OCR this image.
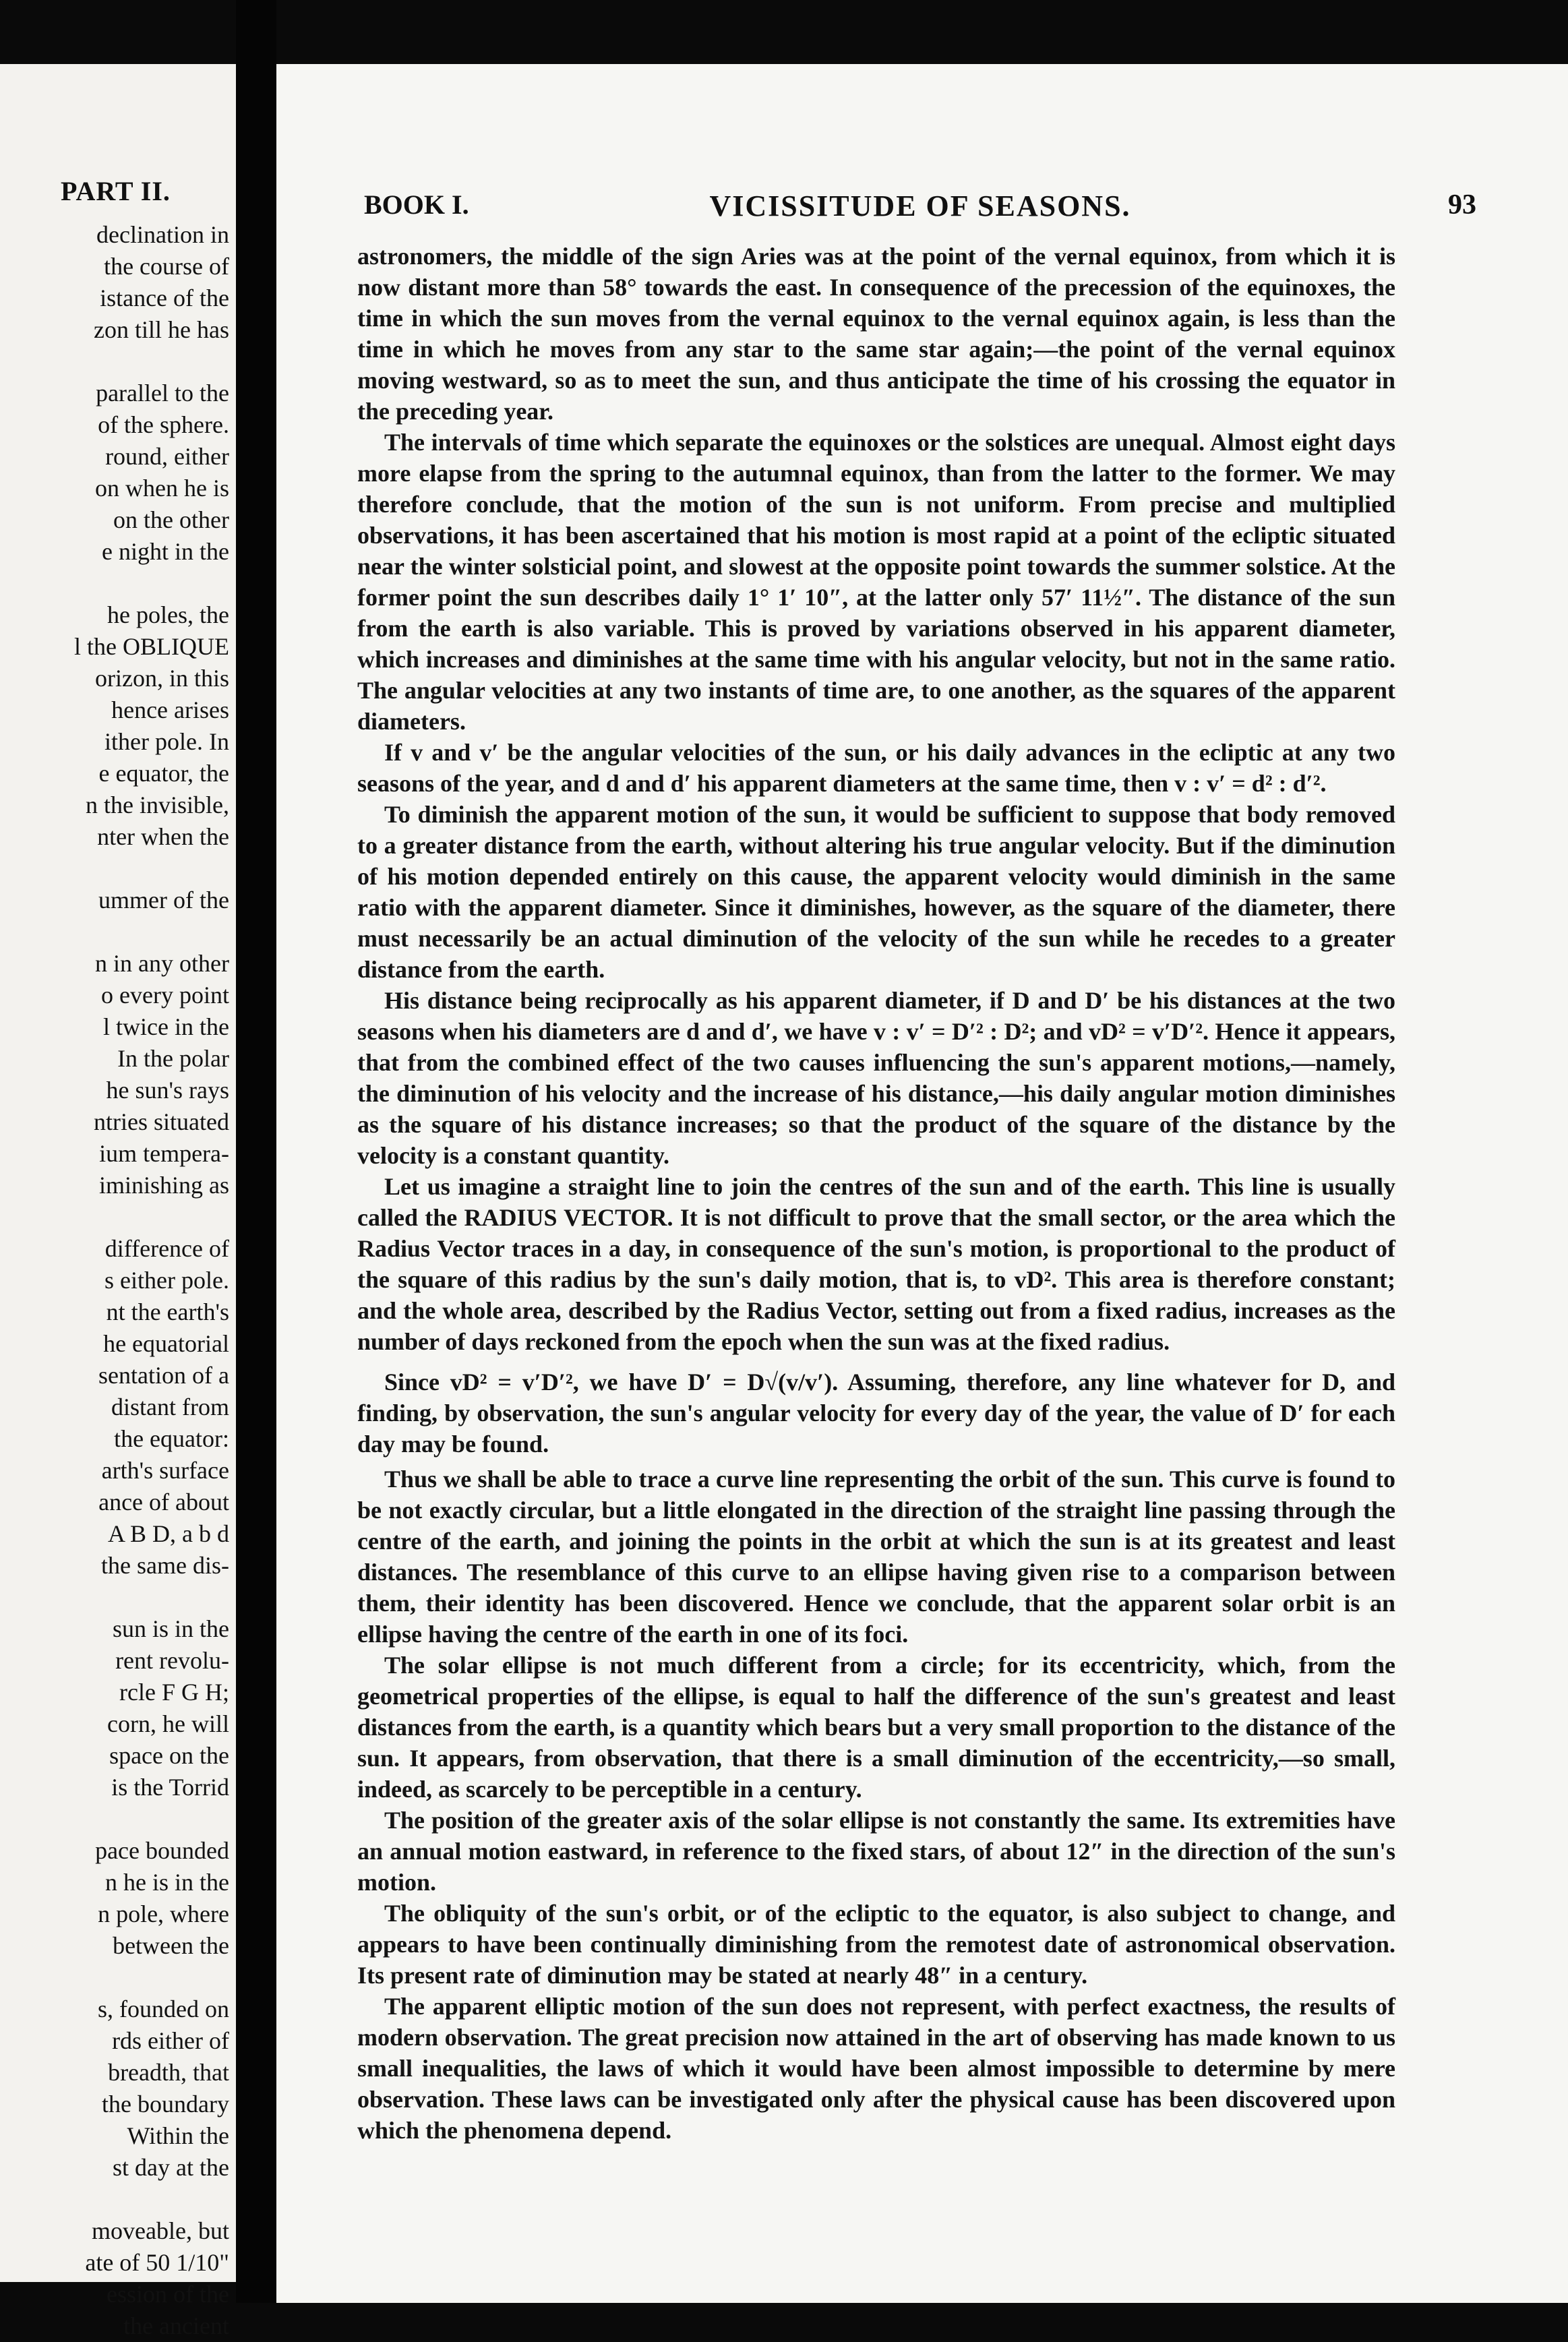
PART II.
declination in
the course of
istance of the
zon till he has
parallel to the
of the sphere.
round, either
on when he is
on the other
e night in the
he poles, the
l the OBLIQUE
orizon, in this
hence arises
ither pole. In
e equator, the
n the invisible,
nter when the
ummer of the
n in any other
o every point
l twice in the
In the polar
he sun's rays
ntries situated
ium tempera-
iminishing as
difference of
s either pole.
nt the earth's
he equatorial
sentation of a
distant from
the equator:
arth's surface
ance of about
A B D, a b d
the same dis-
sun is in the
rent revolu-
rcle F G H;
corn, he will
space on the
is the Torrid
pace bounded
n he is in the
n pole, where
between the
s, founded on
rds either of
breadth, that
the boundary
Within the
st day at the
moveable, but
ate of 50 1/10"
ession of the
the ancient
BOOK I.	VICISSITUDE OF SEASONS.	93

astronomers, the middle of the sign Aries was at the point of the vernal equinox, from which it is now distant more than 58° towards the east. In consequence of the precession of the equinoxes, the time in which the sun moves from the vernal equinox to the vernal equinox again, is less than the time in which he moves from any star to the same star again;—the point of the vernal equinox moving westward, so as to meet the sun, and thus anticipate the time of his crossing the equator in the preceding year.

The intervals of time which separate the equinoxes or the solstices are unequal. Almost eight days more elapse from the spring to the autumnal equinox, than from the latter to the former. We may therefore conclude, that the motion of the sun is not uniform. From precise and multiplied observations, it has been ascertained that his motion is most rapid at a point of the ecliptic situated near the winter solsticial point, and slowest at the opposite point towards the summer solstice. At the former point the sun describes daily 1° 1′ 10″, at the latter only 57′ 11½″. The distance of the sun from the earth is also variable. This is proved by variations observed in his apparent diameter, which increases and diminishes at the same time with his angular velocity, but not in the same ratio. The angular velocities at any two instants of time are, to one another, as the squares of the apparent diameters.

If v and v′ be the angular velocities of the sun, or his daily advances in the ecliptic at any two seasons of the year, and d and d′ his apparent diameters at the same time, then v : v′ = d² : d′².

To diminish the apparent motion of the sun, it would be sufficient to suppose that body removed to a greater distance from the earth, without altering his true angular velocity. But if the diminution of his motion depended entirely on this cause, the apparent velocity would diminish in the same ratio with the apparent diameter. Since it diminishes, however, as the square of the diameter, there must necessarily be an actual diminution of the velocity of the sun while he recedes to a greater distance from the earth.

His distance being reciprocally as his apparent diameter, if D and D′ be his distances at the two seasons when his diameters are d and d′, we have v : v′ = D′² : D²; and vD² = v′D′². Hence it appears, that from the combined effect of the two causes influencing the sun's apparent motions,—namely, the diminution of his velocity and the increase of his distance,—his daily angular motion diminishes as the square of his distance increases; so that the product of the square of the distance by the velocity is a constant quantity.

Let us imagine a straight line to join the centres of the sun and of the earth. This line is usually called the RADIUS VECTOR. It is not difficult to prove that the small sector, or the area which the Radius Vector traces in a day, in consequence of the sun's motion, is proportional to the product of the square of this radius by the sun's daily motion, that is, to vD². This area is therefore constant; and the whole area, described by the Radius Vector, setting out from a fixed radius, increases as the number of days reckoned from the epoch when the sun was at the fixed radius.

Since vD² = v′D′², we have D′ = D√(v/v′). Assuming, therefore, any line whatever for D, and finding, by observation, the sun's angular velocity for every day of the year, the value of D′ for each day may be found.

Thus we shall be able to trace a curve line representing the orbit of the sun. This curve is found to be not exactly circular, but a little elongated in the direction of the straight line passing through the centre of the earth, and joining the points in the orbit at which the sun is at its greatest and least distances. The resemblance of this curve to an ellipse having given rise to a comparison between them, their identity has been discovered. Hence we conclude, that the apparent solar orbit is an ellipse having the centre of the earth in one of its foci.

The solar ellipse is not much different from a circle; for its eccentricity, which, from the geometrical properties of the ellipse, is equal to half the difference of the sun's greatest and least distances from the earth, is a quantity which bears but a very small proportion to the distance of the sun. It appears, from observation, that there is a small diminution of the eccentricity,—so small, indeed, as scarcely to be perceptible in a century.

The position of the greater axis of the solar ellipse is not constantly the same. Its extremities have an annual motion eastward, in reference to the fixed stars, of about 12″ in the direction of the sun's motion.

The obliquity of the sun's orbit, or of the ecliptic to the equator, is also subject to change, and appears to have been continually diminishing from the remotest date of astronomical observation. Its present rate of diminution may be stated at nearly 48″ in a century.

The apparent elliptic motion of the sun does not represent, with perfect exactness, the results of modern observation. The great precision now attained in the art of observing has made known to us small inequalities, the laws of which it would have been almost impossible to determine by mere observation. These laws can be investigated only after the physical cause has been discovered upon which the phenomena depend.
